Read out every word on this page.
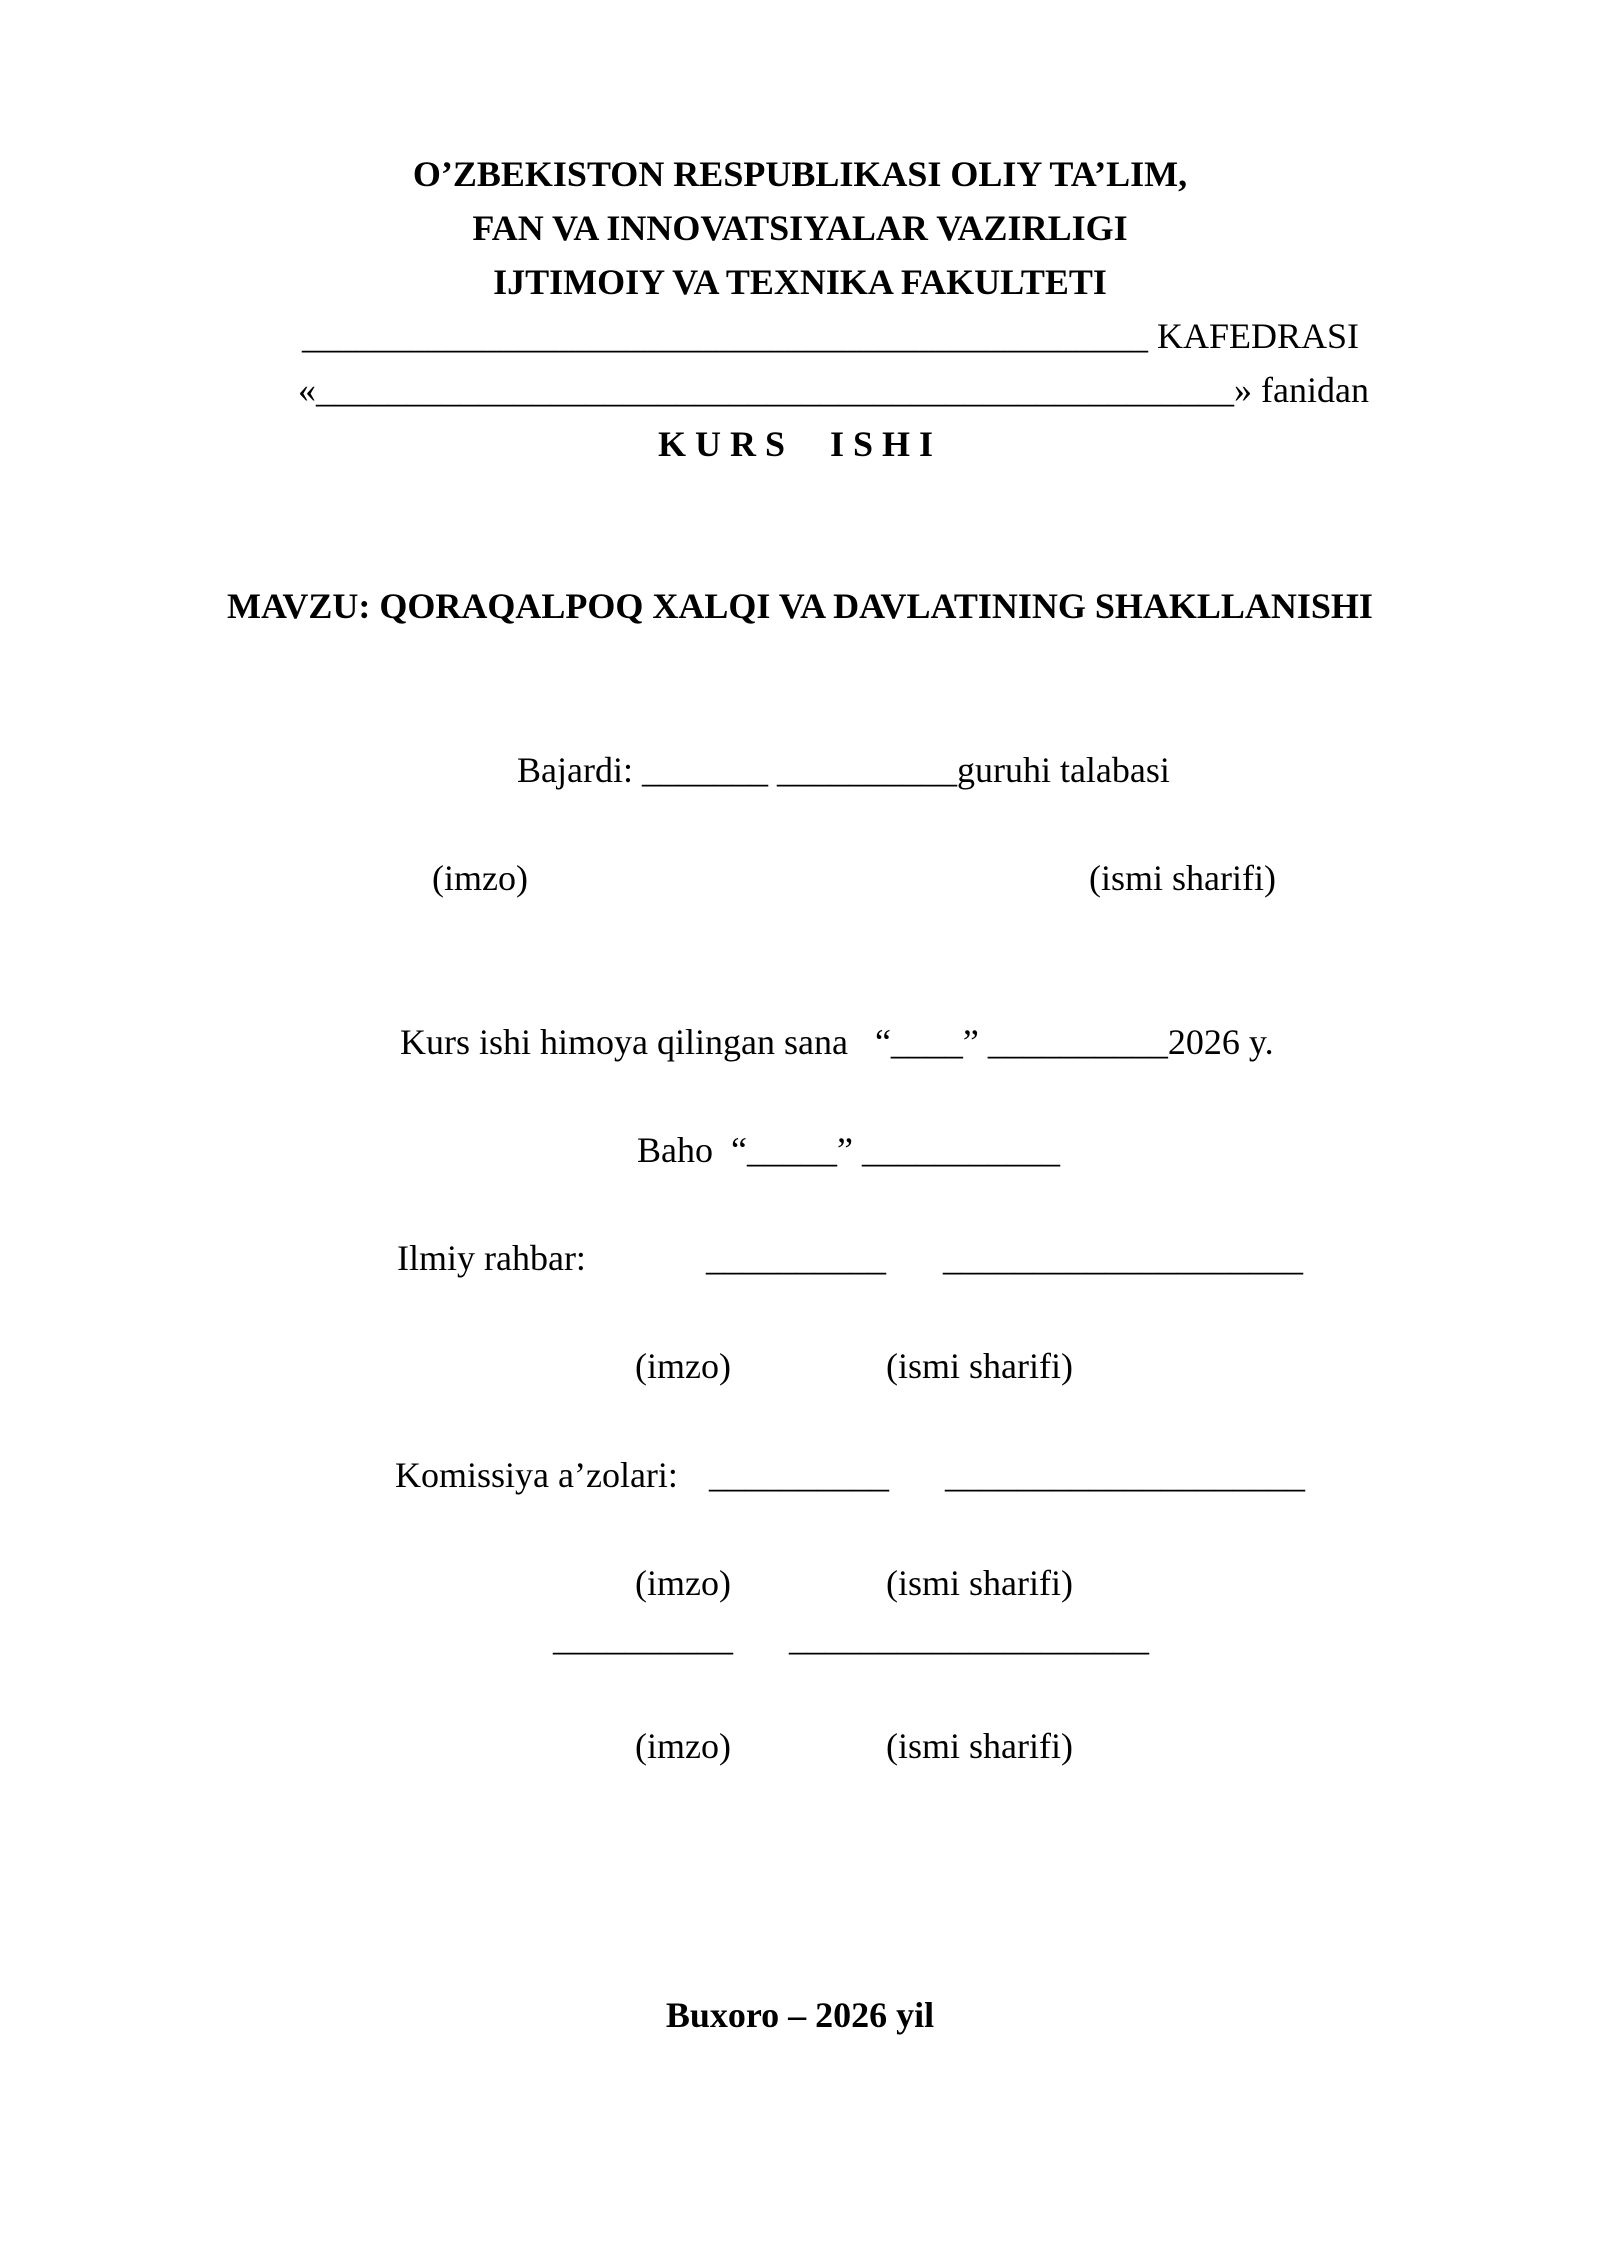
O’ZBEKISTON RESPUBLIKASI OLIY TA’LIM,
FAN VA INNOVATSIYALAR VAZIRLIGI
IJTIMOIY VA TEXNIKA FAKULTETI
_______________________________________________ KAFEDRASI
«___________________________________________________» fanidan
KURS  ISHI
MAVZU: QORAQALPOQ XALQI VA DAVLATINING SHAKLLANISHI
Bajardi: _______ __________guruhi talabasi
(imzo)	(ismi sharifi)
Kurs ishi himoya qilingan sana   “____” __________2026 y.
Baho  “_____” ___________
Ilmiy rahbar:	__________ ____________________
(imzo)	(ismi sharifi)
Komissiya a’zolari: __________ ____________________
(imzo)	(ismi sharifi)
__________ ____________________
(imzo)	(ismi sharifi)
Buxoro – 2026 yil
